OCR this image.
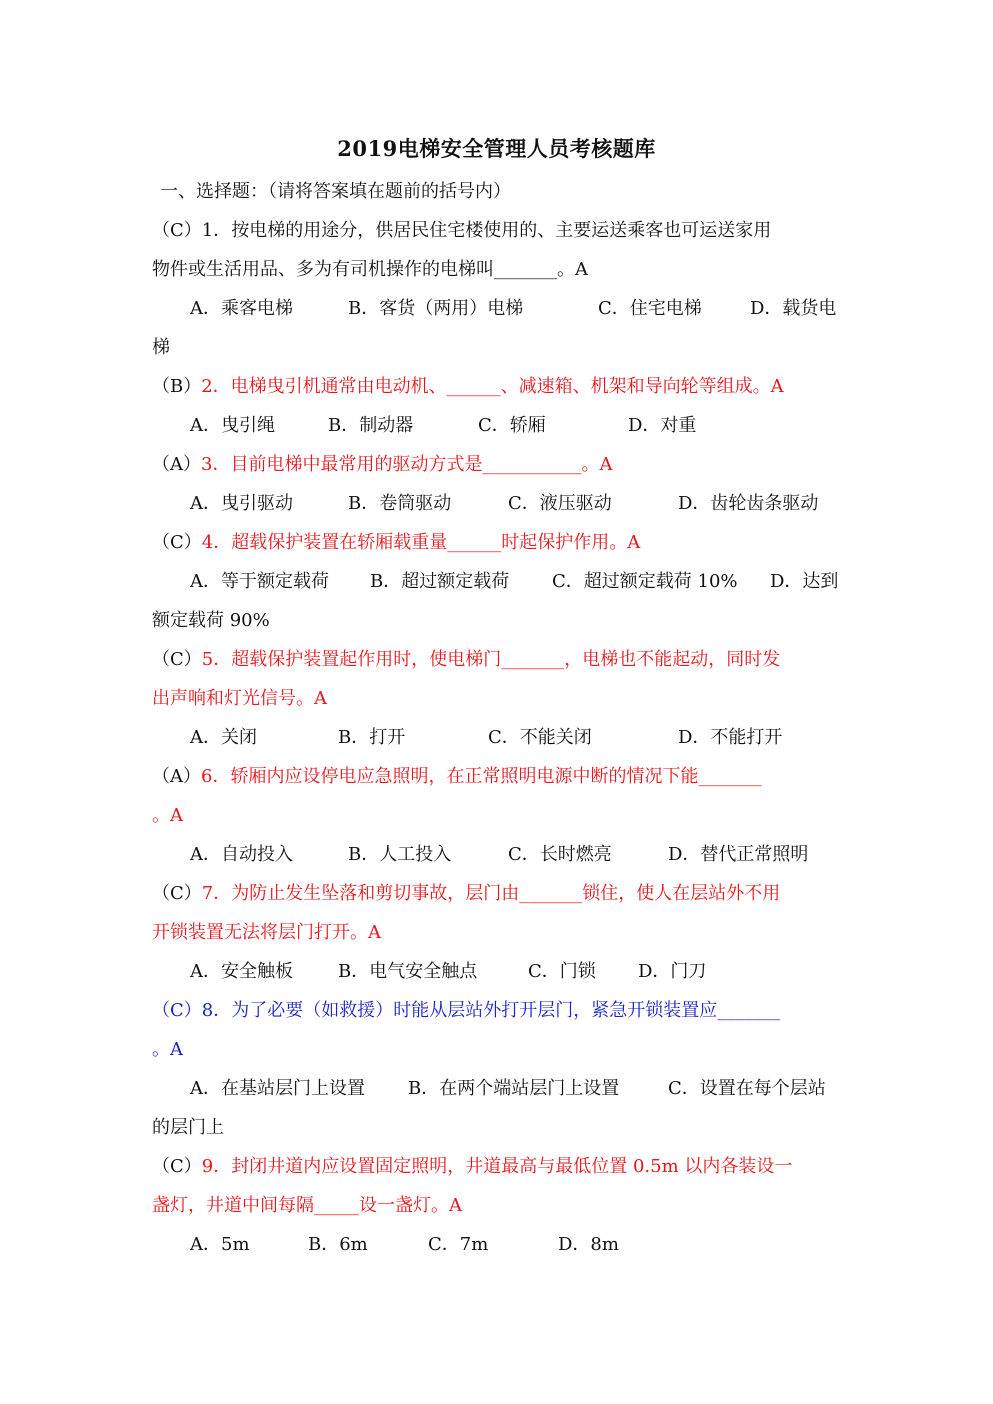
2019电梯安全管理人员考核题库
一、选择题：（请将答案填在题前的括号内）
（C）1．按电梯的用途分，供居民住宅楼使用的、主要运送乘客也可运送家用
物件或生活用品、多为有司机操作的电梯叫_______。A
A．乘客电梯	B．客货（两用）电梯	C．住宅电梯	D．载货电
梯
（B）2．电梯曳引机通常由电动机、______、减速箱、机架和导向轮等组成。A
A．曳引绳	B．制动器	C．轿厢	D．对重
（A）3．目前电梯中最常用的驱动方式是___________。A
A．曳引驱动	B．卷筒驱动	C．液压驱动	D．齿轮齿条驱动
（C）4．超载保护装置在轿厢载重量______时起保护作用。A
A．等于额定载荷 B．超过额定载荷 C．超过额定载荷 10% D．达到
额定载荷 90%
（C）5．超载保护装置起作用时，使电梯门_______，电梯也不能起动，同时发
出声响和灯光信号。A
A．关闭	B．打开	C．不能关闭	D．不能打开
（A）6．轿厢内应设停电应急照明，在正常照明电源中断的情况下能_______
。A
A．自动投入	B．人工投入	C．长时燃亮	D．替代正常照明
（C）7．为防止发生坠落和剪切事故，层门由_______锁住，使人在层站外不用
开锁装置无法将层门打开。A
A．安全触板	B．电气安全触点	C．门锁 D．门刀
（C）8．为了必要（如救援）时能从层站外打开层门，紧急开锁装置应_______
。A
A．在基站层门上设置 B．在两个端站层门上设置	C．设置在每个层站
的层门上
（C）9．封闭井道内应设置固定照明，井道最高与最低位置 0.5m 以内各装设一
盏灯，井道中间每隔_____设一盏灯。A
A．5m	B．6m	C．7m	D．8m
